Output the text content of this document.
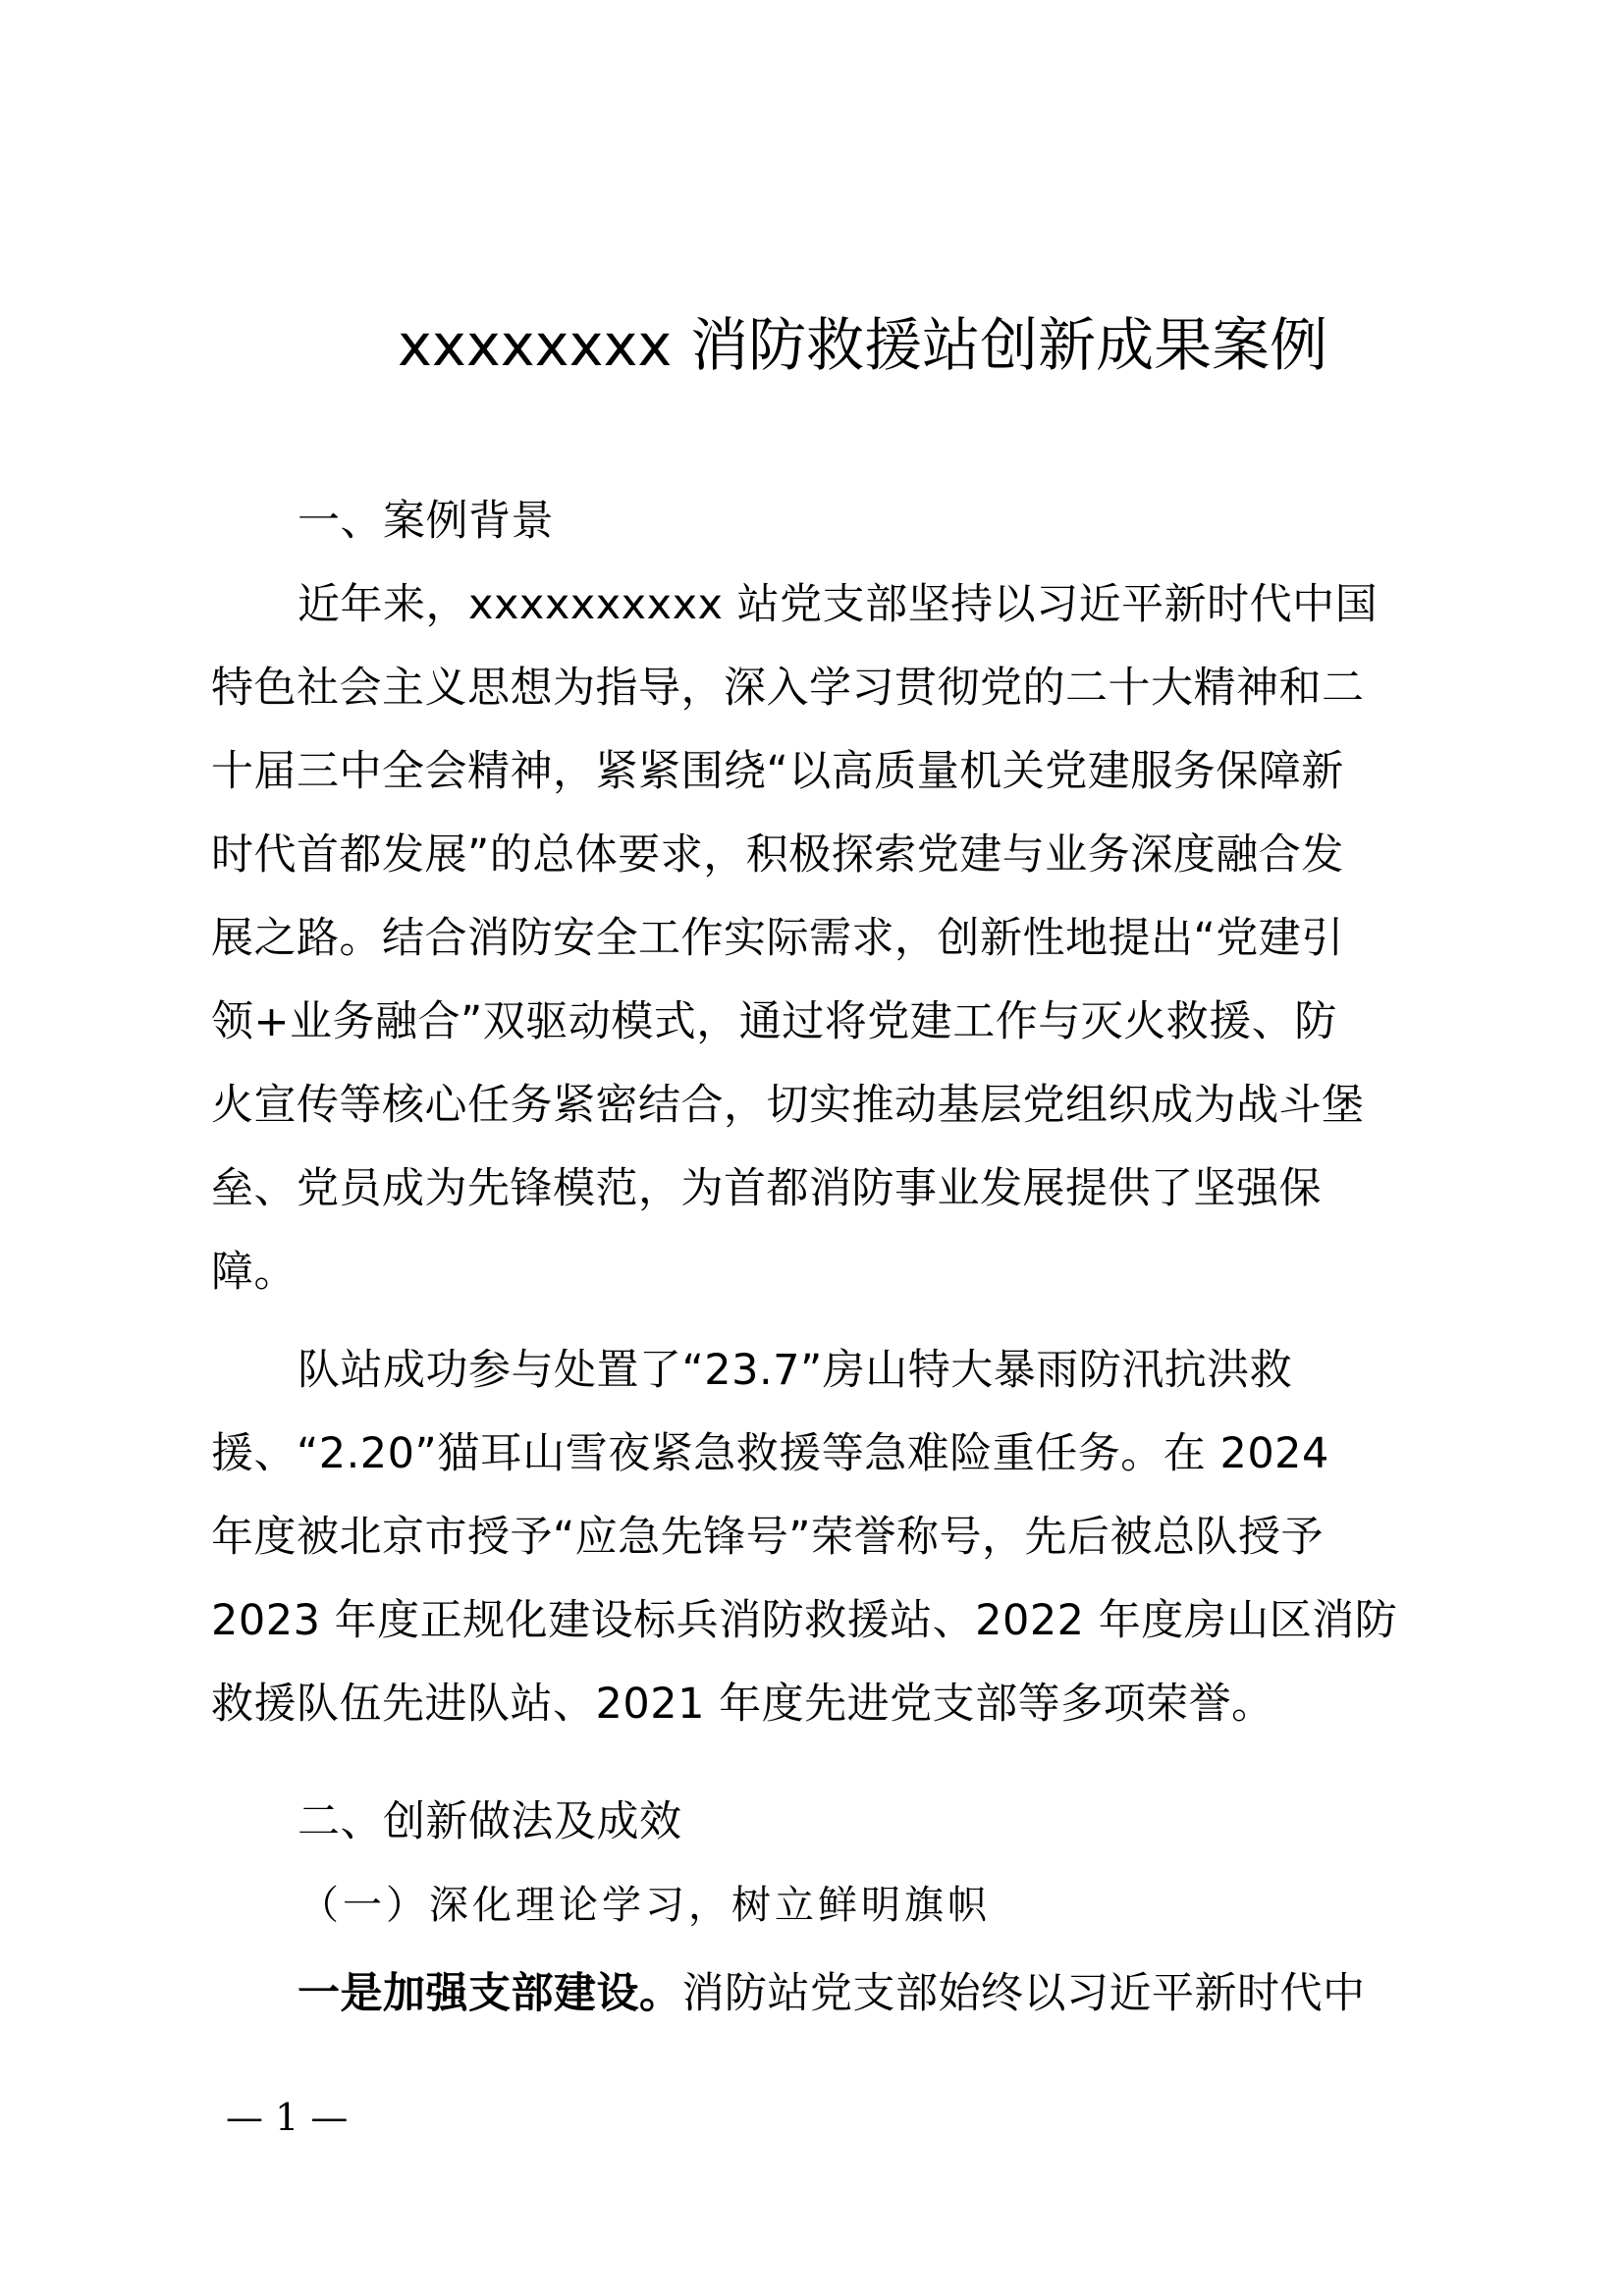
xxxxxxxx 消防救援站创新成果案例
一、案例背景
近年来，xxxxxxxxxx 站党支部坚持以习近平新时代中国
特色社会主义思想为指导，深入学习贯彻党的二十大精神和二
十届三中全会精神，紧紧围绕“以高质量机关党建服务保障新
时代首都发展”的总体要求，积极探索党建与业务深度融合发
展之路。结合消防安全工作实际需求，创新性地提出“党建引
领+业务融合”双驱动模式，通过将党建工作与灭火救援、防
火宣传等核心任务紧密结合，切实推动基层党组织成为战斗堡
垒、党员成为先锋模范，为首都消防事业发展提供了坚强保
障。
队站成功参与处置了“23.7”房山特大暴雨防汛抗洪救
援、“2.20”猫耳山雪夜紧急救援等急难险重任务。在 2024
年度被北京市授予“应急先锋号”荣誉称号，先后被总队授予
2023 年度正规化建设标兵消防救援站、2022 年度房山区消防
救援队伍先进队站、2021 年度先进党支部等多项荣誉。
二、创新做法及成效
（一）深化理论学习，树立鲜明旗帜
一是加强支部建设。消防站党支部始终以习近平新时代中
— 1 —
